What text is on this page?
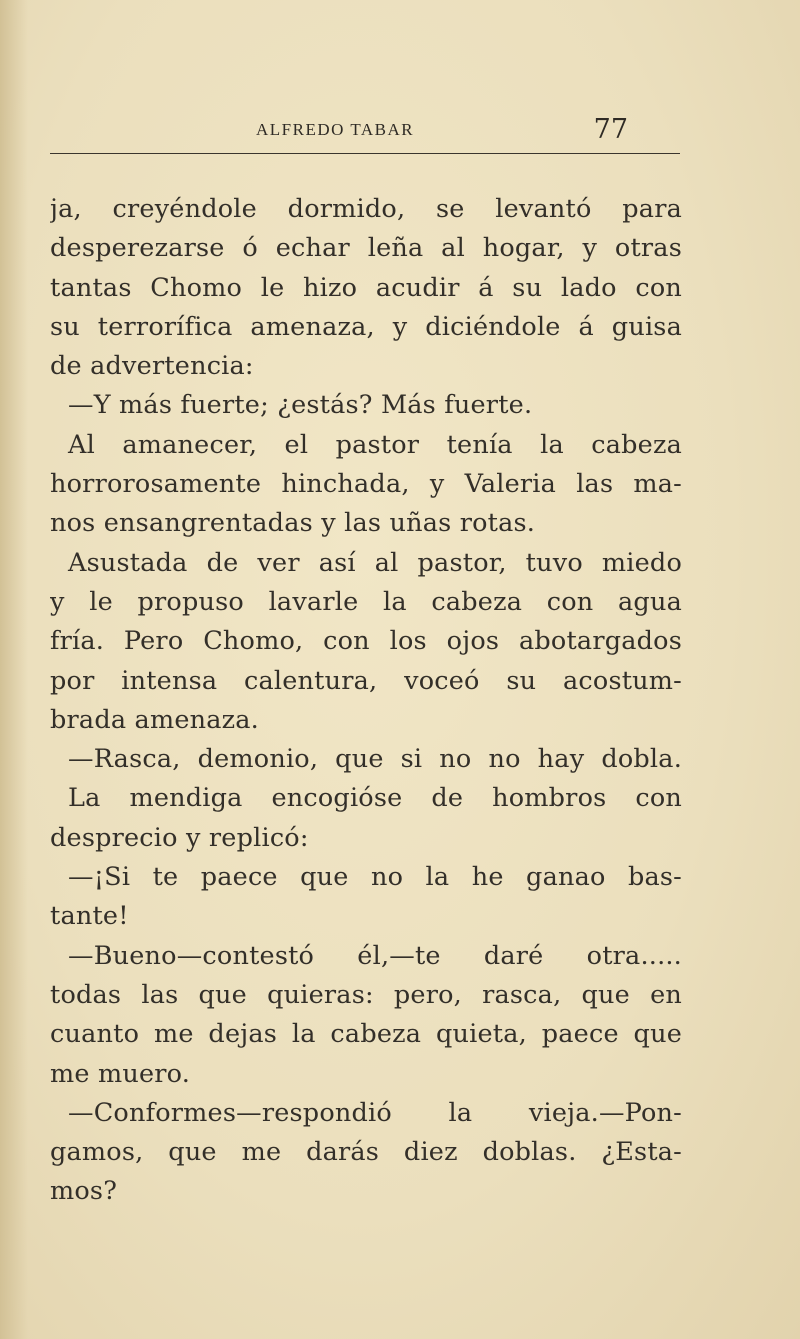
ALFREDO TABAR	77
ja, creyéndole dormido, se levantó para
desperezarse ó echar leña al hogar, y otras
tantas Chomo le hizo acudir á su lado con
su terrorífica amenaza, y diciéndole á guisa
de advertencia:
—Y más fuerte; ¿estás? Más fuerte.
Al amanecer, el pastor tenía la cabeza
horrorosamente hinchada, y Valeria las ma-
nos ensangrentadas y las uñas rotas.
Asustada de ver así al pastor, tuvo miedo
y le propuso lavarle la cabeza con agua
fría. Pero Chomo, con los ojos abotargados
por intensa calentura, voceó su acostum-
brada amenaza.
—Rasca, demonio, que si no no hay dobla.
La mendiga encogióse de hombros con
desprecio y replicó:
—¡Si te paece que no la he ganao bas-
tante!
—Bueno—contestó él,—te daré otra.....
todas las que quieras: pero, rasca, que en
cuanto me dejas la cabeza quieta, paece que
me muero.
—Conformes—respondió la vieja.—Pon-
gamos, que me darás diez doblas. ¿Esta-
mos?
